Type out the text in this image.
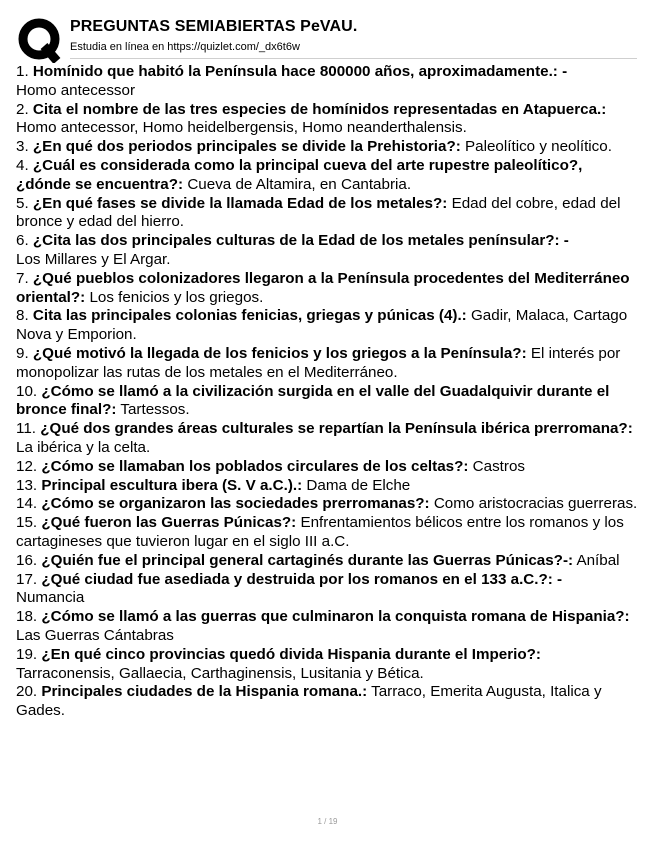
PREGUNTAS SEMIABIERTAS PeVAU.
Estudia en línea en https://quizlet.com/_dx6t6w

1. Homínido que habitó la Península hace 800000 años, aproximadamente.: -
Homo antecessor

2. Cita el nombre de las tres especies de homínidos representadas en Atapuerca.: Homo antecessor, Homo heidelbergensis, Homo neanderthalensis.

3. ¿En qué dos periodos principales se divide la Prehistoria?: Paleolítico y neolítico.

4. ¿Cuál es considerada como la principal cueva del arte rupestre paleolítico?, ¿dónde se encuentra?: Cueva de Altamira, en Cantabria.

5. ¿En qué fases se divide la llamada Edad de los metales?: Edad del cobre, edad del bronce y edad del hierro.

6. ¿Cita las dos principales culturas de la Edad de los metales penínsular?: -
Los Millares y El Argar.

7. ¿Qué pueblos colonizadores llegaron a la Península procedentes del Mediterráneo oriental?: Los fenicios y los griegos.

8. Cita las principales colonias fenicias, griegas y púnicas (4).: Gadir, Malaca, Cartago Nova y Emporion.

9. ¿Qué motivó la llegada de los fenicios y los griegos a la Península?: El interés por monopolizar las rutas de los metales en el Mediterráneo.

10. ¿Cómo se llamó a la civilización surgida en el valle del Guadalquivir durante el bronce final?: Tartessos.

11. ¿Qué dos grandes áreas culturales se repartían la Península ibérica prerromana?: La ibérica y la celta.

12. ¿Cómo se llamaban los poblados circulares de los celtas?: Castros

13. Principal escultura ibera (S. V a.C.).: Dama de Elche

14. ¿Cómo se organizaron las sociedades prerromanas?: Como aristocracias guerreras.

15. ¿Qué fueron las Guerras Púnicas?: Enfrentamientos bélicos entre los romanos y los cartagineses que tuvieron lugar en el siglo III a.C.

16. ¿Quién fue el principal general cartaginés durante las Guerras Púnicas?-: Aníbal

17. ¿Qué ciudad fue asediada y destruida por los romanos en el 133 a.C.?: -
Numancia

18. ¿Cómo se llamó a las guerras que culminaron la conquista romana de Hispania?: Las Guerras Cántabras

19. ¿En qué cinco provincias quedó divida Hispania durante el Imperio?: Tarraconensis, Gallaecia, Carthaginensis, Lusitania y Bética.

20. Principales ciudades de la Hispania romana.: Tarraco, Emerita Augusta, Italica y Gades.

1 / 19
